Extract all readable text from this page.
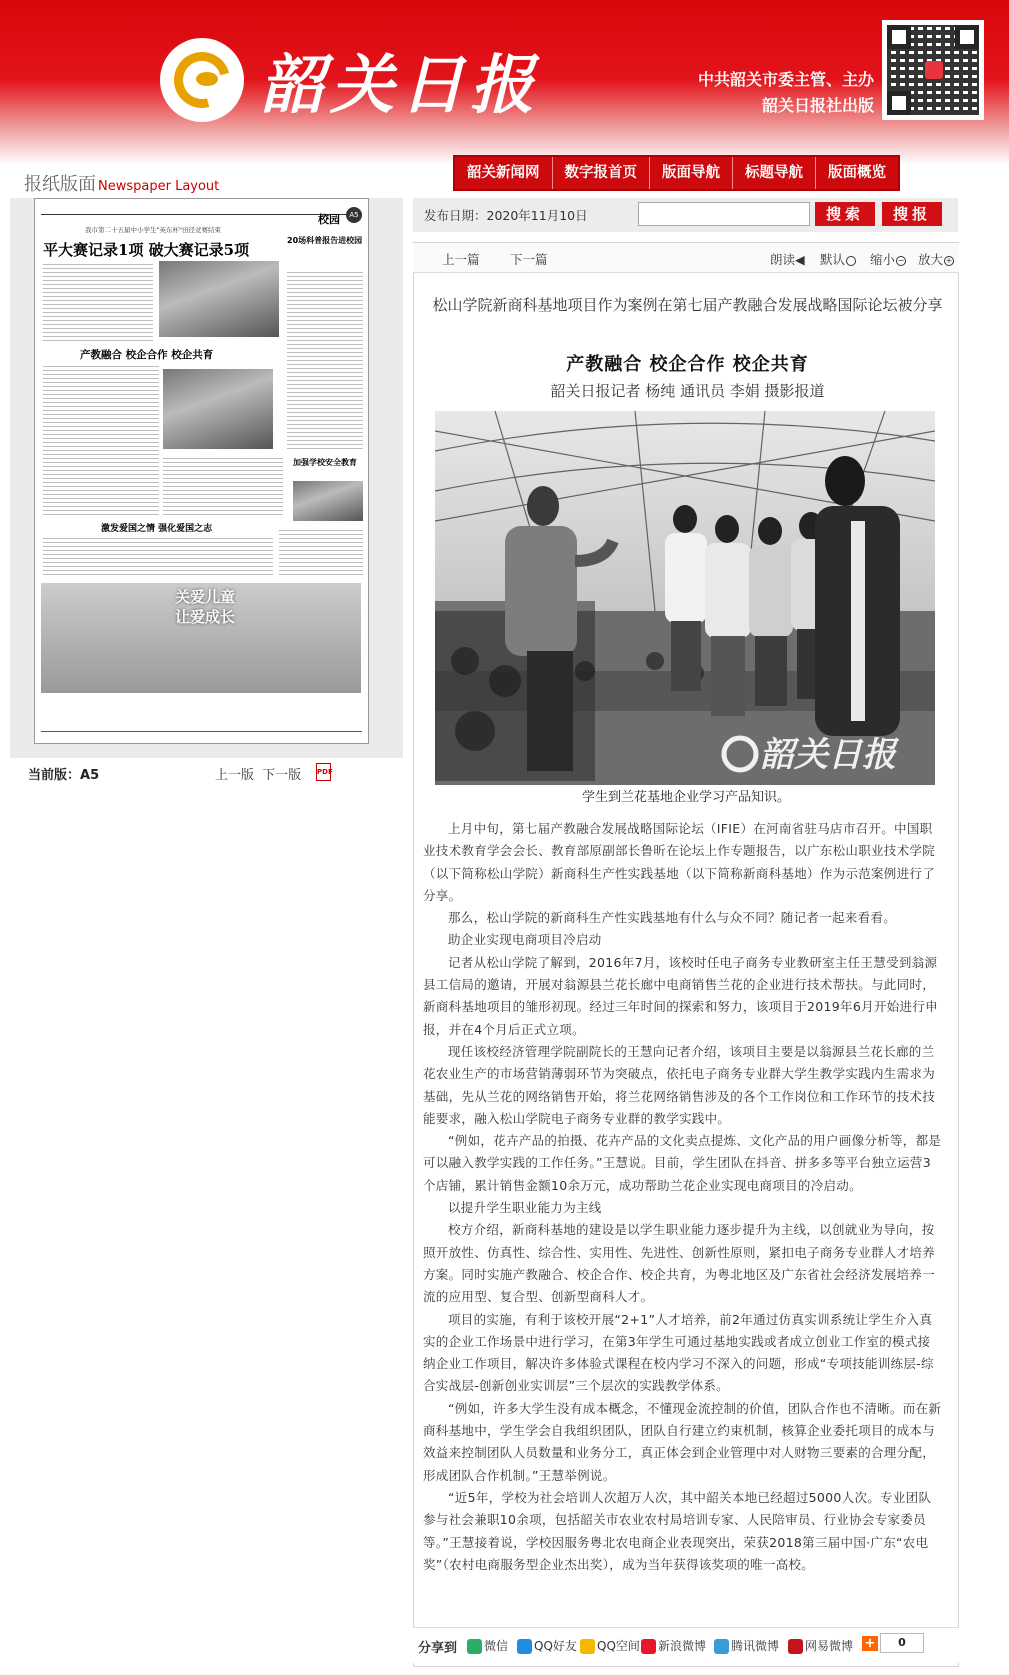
韶关日报	中共韶关市委主管、主办
韶关日报社出版
韶关新闻网	数字报首页	版面导航	标题导航	版面概览
报纸版面 Newspaper Layout
校园	A5
我市第二十五届中小学生"英东杯"田径竞赛结束
平大赛记录1项 破大赛记录5项
20场科普报告进校园
产教融合 校企合作 校企共育
加强学校安全教育
激发爱国之情 强化爱国之志
关爱儿童
让爱成长
当前版：A5	上一版 下一版 PDF
发布日期：2020年11月10日	搜索	搜报
上一篇 下一篇	朗读◀ 默认	缩小 − 放大 +
松山学院新商科基地项目作为案例在第七届产教融合发展战略国际论坛被分享
产教融合 校企合作 校企共育
韶关日报记者 杨纯 通讯员 李娟 摄影报道
韶关日报
学生到兰花基地企业学习产品知识。

上月中旬，第七届产教融合发展战略国际论坛（IFIE）在河南省驻马店市召开。中国职业技术教育学会会长、教育部原副部长鲁昕在论坛上作专题报告，以广东松山职业技术学院（以下简称松山学院）新商科生产性实践基地（以下简称新商科基地）作为示范案例进行了分享。

那么，松山学院的新商科生产性实践基地有什么与众不同？随记者一起来看看。

助企业实现电商项目冷启动

记者从松山学院了解到，2016年7月，该校时任电子商务专业教研室主任王慧受到翁源县工信局的邀请，开展对翁源县兰花长廊中电商销售兰花的企业进行技术帮扶。与此同时，新商科基地项目的雏形初现。经过三年时间的探索和努力，该项目于2019年6月开始进行申报，并在4个月后正式立项。

现任该校经济管理学院副院长的王慧向记者介绍，该项目主要是以翁源县兰花长廊的兰花农业生产的市场营销薄弱环节为突破点，依托电子商务专业群大学生教学实践内生需求为基础，先从兰花的网络销售开始，将兰花网络销售涉及的各个工作岗位和工作环节的技术技能要求，融入松山学院电子商务专业群的教学实践中。

“例如，花卉产品的拍摄、花卉产品的文化卖点提炼、文化产品的用户画像分析等，都是可以融入教学实践的工作任务。”王慧说。目前，学生团队在抖音、拼多多等平台独立运营3个店铺，累计销售金额10余万元，成功帮助兰花企业实现电商项目的冷启动。

以提升学生职业能力为主线

校方介绍，新商科基地的建设是以学生职业能力逐步提升为主线，以创就业为导向，按照开放性、仿真性、综合性、实用性、先进性、创新性原则，紧扣电子商务专业群人才培养方案。同时实施产教融合、校企合作、校企共育，为粤北地区及广东省社会经济发展培养一流的应用型、复合型、创新型商科人才。

项目的实施，有利于该校开展“2+1”人才培养，前2年通过仿真实训系统让学生介入真实的企业工作场景中进行学习，在第3年学生可通过基地实践或者成立创业工作室的模式接纳企业工作项目，解决许多体验式课程在校内学习不深入的问题，形成“专项技能训练层-综合实战层-创新创业实训层”三个层次的实践教学体系。

“例如，许多大学生没有成本概念，不懂现金流控制的价值，团队合作也不清晰。而在新商科基地中，学生学会自我组织团队，团队自行建立约束机制，核算企业委托项目的成本与效益来控制团队人员数量和业务分工，真正体会到企业管理中对人财物三要素的合理分配，形成团队合作机制。”王慧举例说。

“近5年，学校为社会培训人次超万人次，其中韶关本地已经超过5000人次。专业团队参与社会兼职10余项，包括韶关市农业农村局培训专家、人民陪审员、行业协会专家委员等。”王慧接着说，学校因服务粤北农电商企业表现突出，荣获2018第三届中国·广东“农电奖”（农村电商服务型企业杰出奖），成为当年获得该奖项的唯一高校。

分享到	微信	QQ好友	QQ空间	新浪微博	腾讯微博	网易微博 +	0
